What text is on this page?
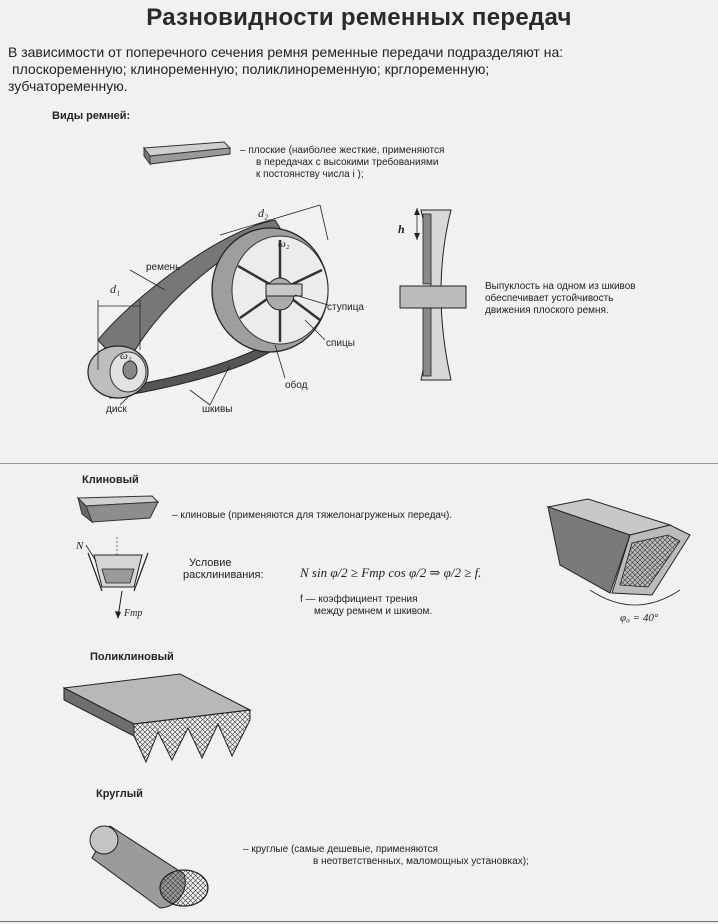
Разновидности ременных передач
В зависимости от поперечного сечения ремня ременные передачи подразделяют на:
плоскоременную; клиноременную; поликлиноременную; крглоременную;
зубчатоременную.
Виды ремней:
– плоские (наиболее жесткие, применяются
в передачах с высокими требованиями
к постоянству числа i );
ремень
ступица
спицы
обод
диск	шкивы
d₁
d₂
ω₁
ω₂
h
Выпуклость на одном из шкивов
обеспечивает устойчивость
движения плоского ремня.
Клиновый
– клиновые (применяются для тяжелонагруженых передач).
N
Fтр
Условие
расклинивания:	N sin φ/2 ≥ Fтр cos φ/2 ⇒ φ/2 ≥ f.
f — коэффициент трения
между ремнем и шкивом.
φ₀ = 40°
Поликлиновый
Круглый
– круглые (самые дешевые, применяются
в неответственных, маломощных установках);
